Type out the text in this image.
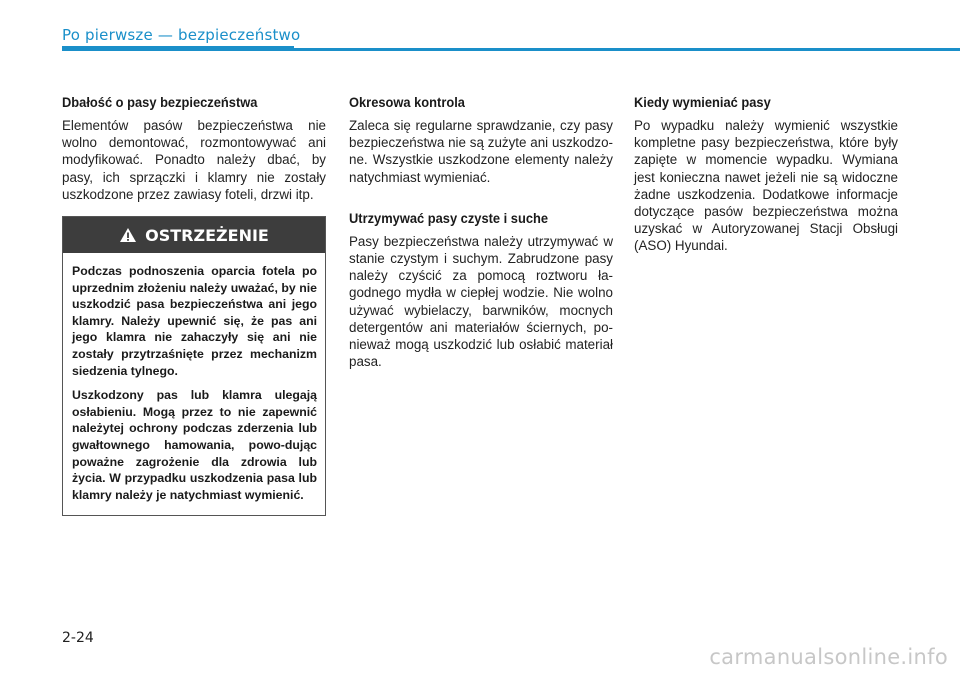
Po pierwsze — bezpieczeństwo
Dbałość o pasy bezpieczeństwa

Elementów pasów bezpieczeństwa nie wolno demontować, rozmontowywać ani modyfikować. Ponadto należy dbać, by pasy, ich sprzączki i klamry nie zostały uszkodzone przez zawiasy foteli, drzwi itp.

OSTRZEŻENIE

Podczas podnoszenia oparcia fotela po uprzednim złożeniu należy uważać, by nie uszkodzić pasa bezpieczeństwa ani jego klamry. Należy upewnić się, że pas ani jego klamra nie zahaczyły się ani nie zostały przytrzaśnięte przez mechanizm siedzenia tylnego.

Uszkodzony pas lub klamra ulegają osłabieniu. Mogą przez to nie zapewnić należytej ochrony podczas zderzenia lub gwałtownego hamowania, powo-dując poważne zagrożenie dla zdrowia lub życia. W przypadku uszkodzenia pasa lub klamry należy je natychmiast wymienić.

Okresowa kontrola

Zaleca się regularne sprawdzanie, czy pasy bezpieczeństwa nie są zużyte ani uszkodzo-ne. Wszystkie uszkodzone elementy należy natychmiast wymieniać.

Utrzymywać pasy czyste i suche

Pasy bezpieczeństwa należy utrzymywać w stanie czystym i suchym. Zabrudzone pasy należy czyścić za pomocą roztworu ła-godnego mydła w ciepłej wodzie. Nie wolno używać wybielaczy, barwników, mocnych detergentów ani materiałów ściernych, po-nieważ mogą uszkodzić lub osłabić materiał pasa.

Kiedy wymieniać pasy

Po wypadku należy wymienić wszystkie kompletne pasy bezpieczeństwa, które były zapięte w momencie wypadku. Wymiana jest konieczna nawet jeżeli nie są widoczne żadne uszkodzenia. Dodatkowe informacje dotyczące pasów bezpieczeństwa można uzyskać w Autoryzowanej Stacji Obsługi (ASO) Hyundai.

2-24
carmanualsonline.info
